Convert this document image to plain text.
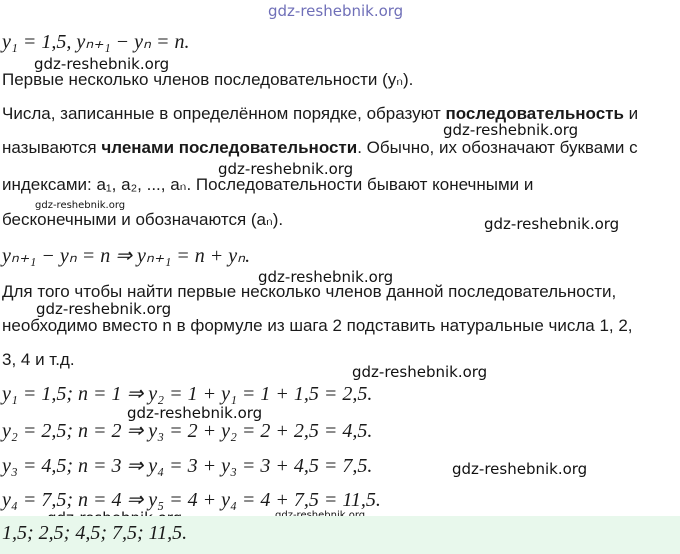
gdz-reshebnik.org
y₁ = 1,5, yₙ₊₁ − yₙ = n.
gdz-reshebnik.org
Первые несколько членов последовательности (yₙ).
Числа, записанные в определённом порядке, образуют последовательность и
gdz-reshebnik.org
называются членами последовательности. Обычно, их обозначают буквами с
gdz-reshebnik.org
индексами: a₁, a₂, ..., aₙ. Последовательности бывают конечными и
gdz-reshebnik.org
бесконечными и обозначаются (aₙ).	gdz-reshebnik.org
yₙ₊₁ − yₙ = n ⇒ yₙ₊₁ = n + yₙ.
gdz-reshebnik.org
Для того чтобы найти первые несколько членов данной последовательности,
gdz-reshebnik.org
необходимо вместо n в формуле из шага 2 подставить натуральные числа 1, 2,
3, 4 и т.д.
gdz-reshebnik.org
y₁ = 1,5; n = 1 ⇒ y₂ = 1 + y₁ = 1 + 1,5 = 2,5.
gdz-reshebnik.org
y₂ = 2,5; n = 2 ⇒ y₃ = 2 + y₂ = 2 + 2,5 = 4,5.
y₃ = 4,5; n = 3 ⇒ y₄ = 3 + y₃ = 3 + 4,5 = 7,5.	gdz-reshebnik.org
y₄ = 7,5; n = 4 ⇒ y₅ = 4 + y₄ = 4 + 7,5 = 11,5.
1,5; 2,5; 4,5; 7,5; 11,5.
